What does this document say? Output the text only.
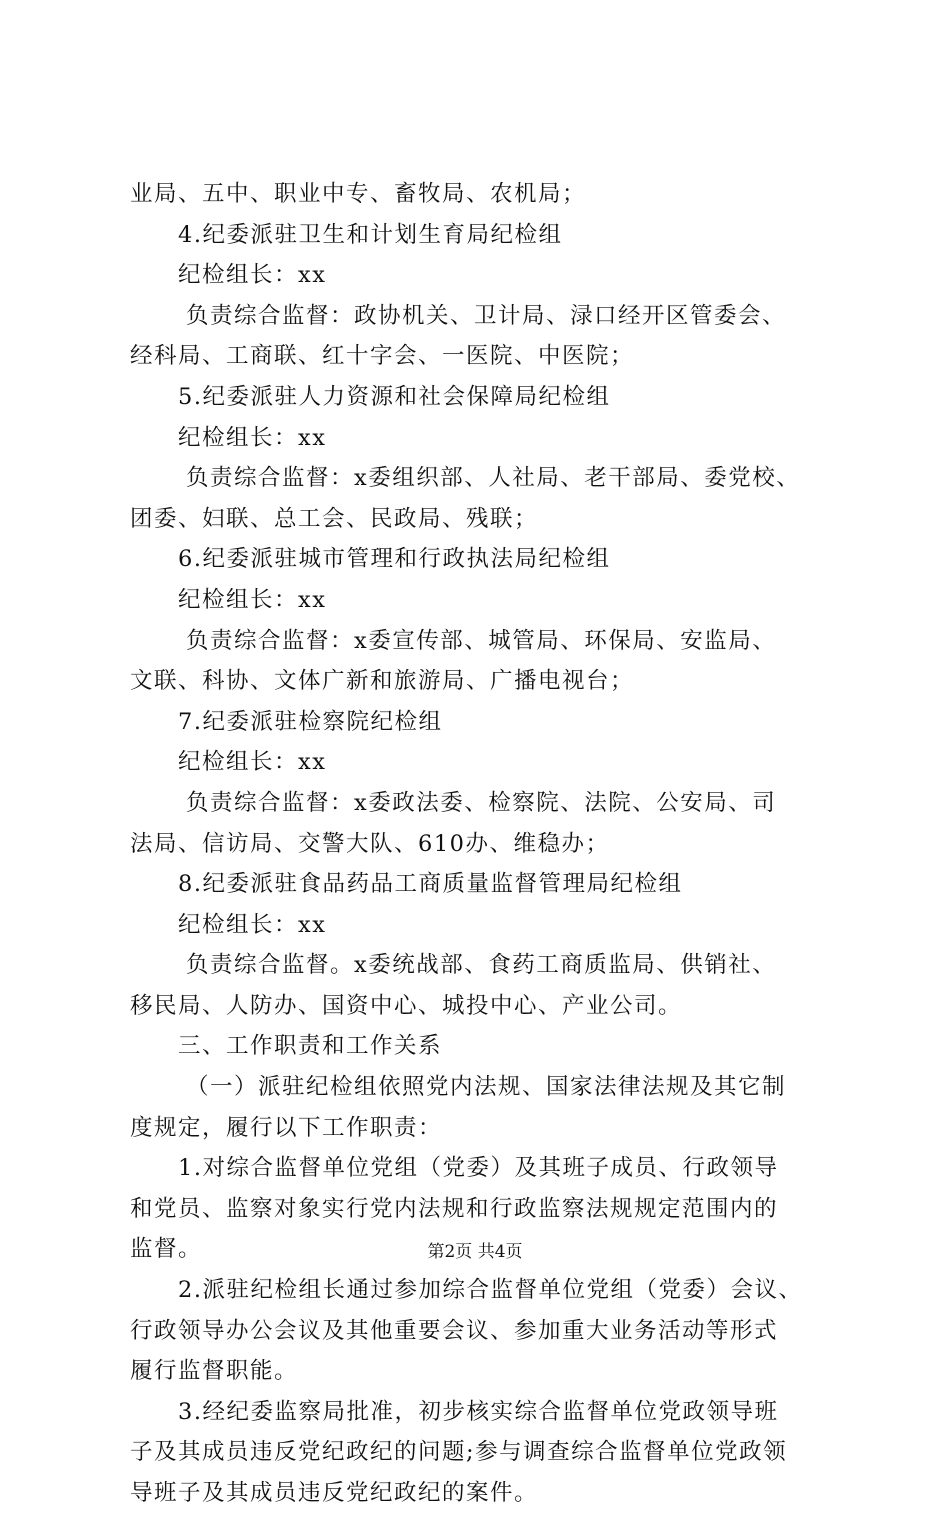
业局、五中、职业中专、畜牧局、农机局；
4.纪委派驻卫生和计划生育局纪检组
纪检组长：xx
负责综合监督：政协机关、卫计局、渌口经开区管委会、
经科局、工商联、红十字会、一医院、中医院；
5.纪委派驻人力资源和社会保障局纪检组
纪检组长：xx
负责综合监督：x委组织部、人社局、老干部局、委党校、
团委、妇联、总工会、民政局、残联；
6.纪委派驻城市管理和行政执法局纪检组
纪检组长：xx
负责综合监督：x委宣传部、城管局、环保局、安监局、
文联、科协、文体广新和旅游局、广播电视台；
7.纪委派驻检察院纪检组
纪检组长：xx
负责综合监督：x委政法委、检察院、法院、公安局、司
法局、信访局、交警大队、610办、维稳办；
8.纪委派驻食品药品工商质量监督管理局纪检组
纪检组长：xx
负责综合监督。x委统战部、食药工商质监局、供销社、
移民局、人防办、国资中心、城投中心、产业公司。
三、工作职责和工作关系
（一）派驻纪检组依照党内法规、国家法律法规及其它制
度规定，履行以下工作职责：
1.对综合监督单位党组（党委）及其班子成员、行政领导
和党员、监察对象实行党内法规和行政监察法规规定范围内的
监督。
2.派驻纪检组长通过参加综合监督单位党组（党委）会议、
行政领导办公会议及其他重要会议、参加重大业务活动等形式
履行监督职能。
3.经纪委监察局批准，初步核实综合监督单位党政领导班
子及其成员违反党纪政纪的问题;参与调查综合监督单位党政领
导班子及其成员违反党纪政纪的案件。
第2页 共4页
